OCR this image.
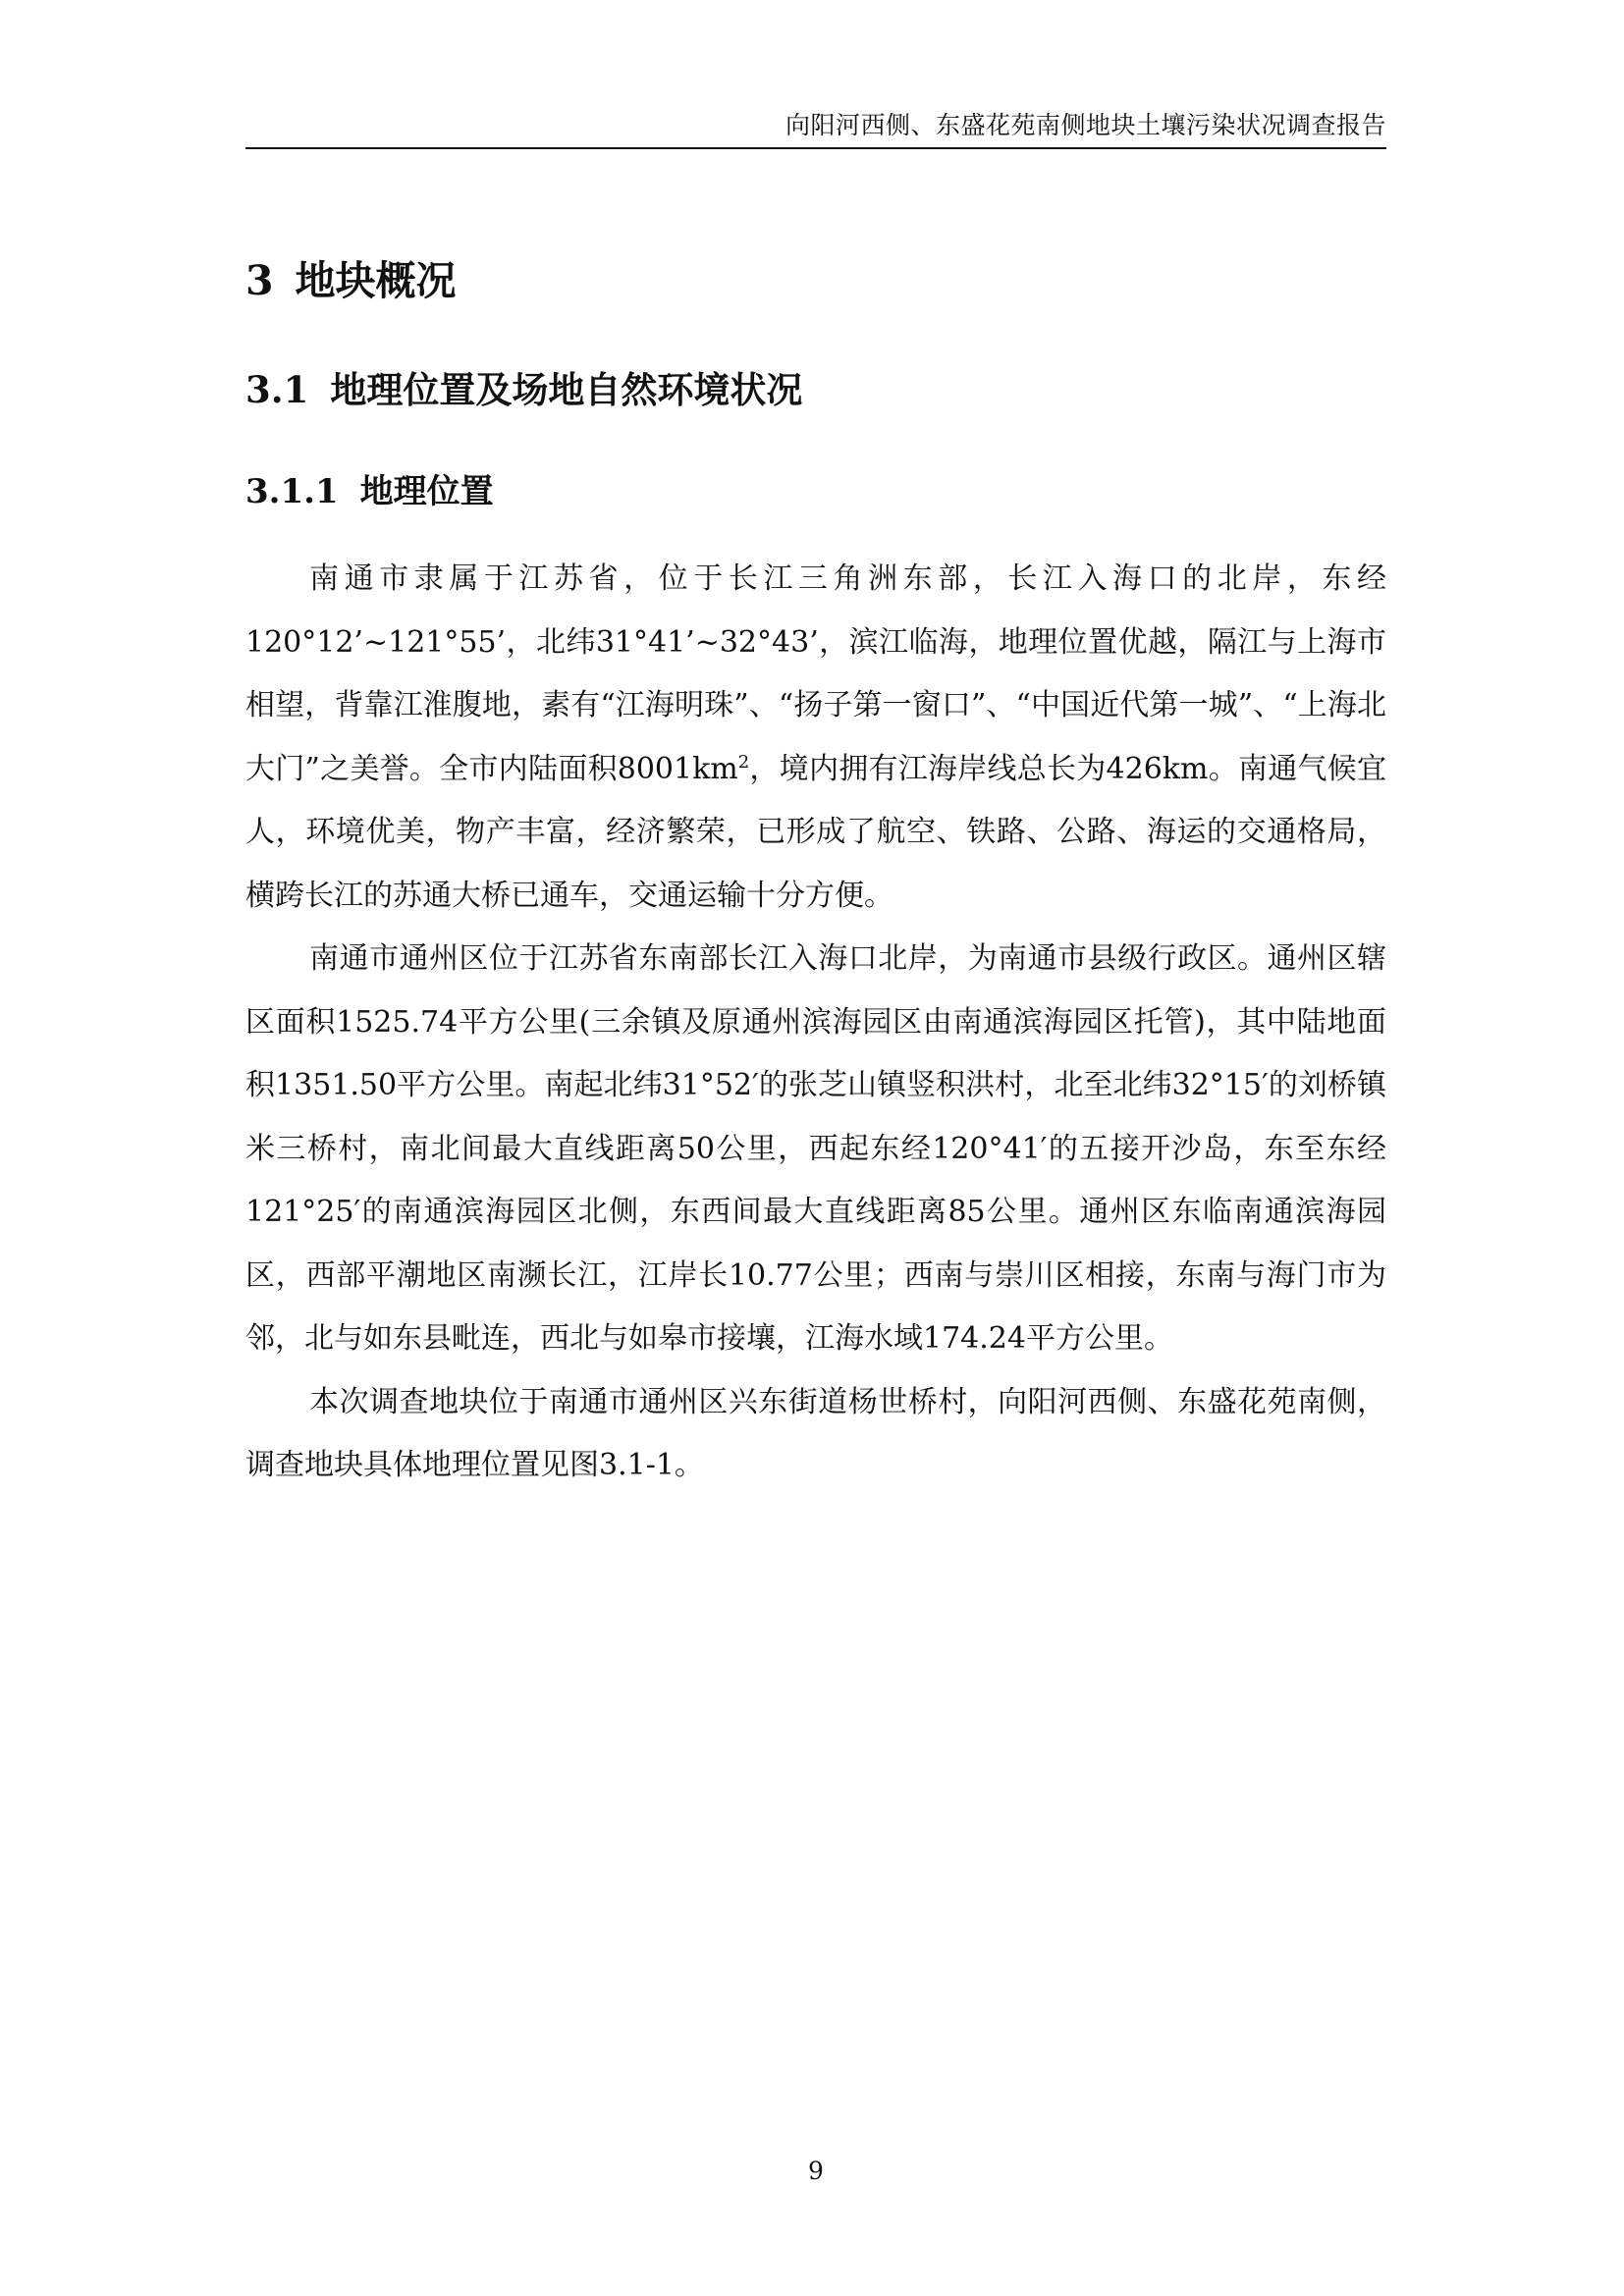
向阳河西侧、东盛花苑南侧地块土壤污染状况调查报告
3 地块概况
3.1 地理位置及场地自然环境状况
3.1.1 地理位置

南通市隶属于江苏省，位于长江三角洲东部，长江入海口的北岸，东经120°12’~121°55’，北纬31°41’~32°43’，滨江临海，地理位置优越，隔江与上海市相望，背靠江淮腹地，素有“江海明珠”、“扬子第一窗口”、“中国近代第一城”、“上海北大门”之美誉。全市内陆面积$8001km^2$，境内拥有江海岸线总长为426km。南通气候宜人，环境优美，物产丰富，经济繁荣，已形成了航空、铁路、公路、海运的交通格局，横跨长江的苏通大桥已通车，交通运输十分方便。

南通市通州区位于江苏省东南部长江入海口北岸，为南通市县级行政区。通州区辖区面积1525.74平方公里(三余镇及原通州滨海园区由南通滨海园区托管)，其中陆地面积1351.50平方公里。南起北纬31°52′的张芝山镇竖积洪村，北至北纬32°15′的刘桥镇米三桥村，南北间最大直线距离50公里，西起东经120°41′的五接开沙岛，东至东经121°25′的南通滨海园区北侧，东西间最大直线距离85公里。通州区东临南通滨海园区，西部平潮地区南濒长江，江岸长10.77公里；西南与崇川区相接，东南与海门市为邻，北与如东县毗连，西北与如皋市接壤，江海水域174.24平方公里。

本次调查地块位于南通市通州区兴东街道杨世桥村，向阳河西侧、东盛花苑南侧，调查地块具体地理位置见图3.1-1。

9
